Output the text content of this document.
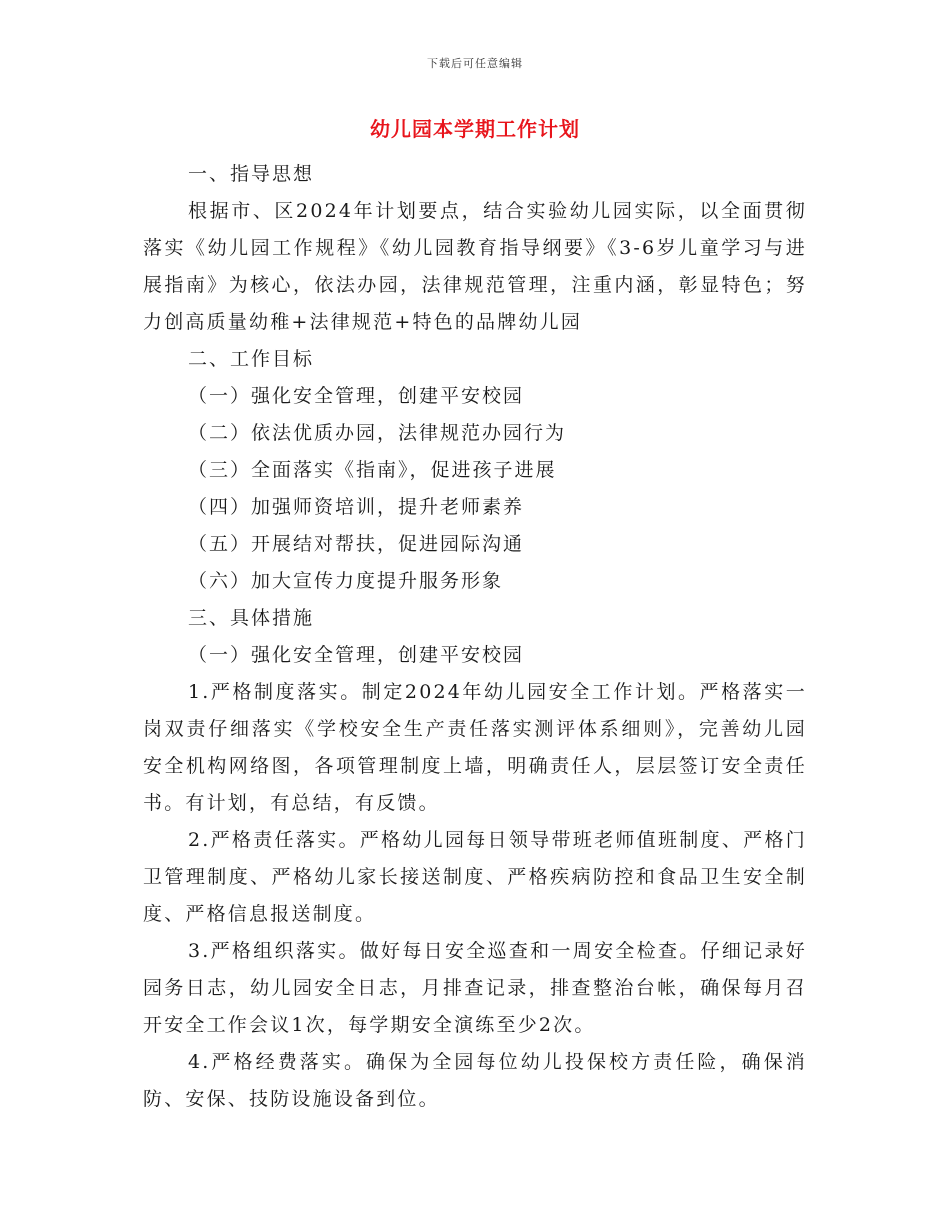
下载后可任意编辑
幼儿园本学期工作计划
一、指导思想

根据市、区2024年计划要点，结合实验幼儿园实际，以全面贯彻落实《幼儿园工作规程》《幼儿园教育指导纲要》《3-6岁儿童学习与进展指南》为核心，依法办园，法律规范管理，注重内涵，彰显特色；努力创高质量幼稚+法律规范+特色的品牌幼儿园

二、工作目标
（一）强化安全管理，创建平安校园
（二）依法优质办园，法律规范办园行为
（三）全面落实《指南》，促进孩子进展
（四）加强师资培训，提升老师素养
（五）开展结对帮扶，促进园际沟通
（六）加大宣传力度提升服务形象
三、具体措施
（一）强化安全管理，创建平安校园

1.严格制度落实。制定2024年幼儿园安全工作计划。严格落实一岗双责仔细落实《学校安全生产责任落实测评体系细则》，完善幼儿园安全机构网络图，各项管理制度上墙，明确责任人，层层签订安全责任书。有计划，有总结，有反馈。

2.严格责任落实。严格幼儿园每日领导带班老师值班制度、严格门卫管理制度、严格幼儿家长接送制度、严格疾病防控和食品卫生安全制度、严格信息报送制度。

3.严格组织落实。做好每日安全巡查和一周安全检查。仔细记录好园务日志，幼儿园安全日志，月排查记录，排查整治台帐，确保每月召开安全工作会议1次，每学期安全演练至少2次。

4.严格经费落实。确保为全园每位幼儿投保校方责任险，确保消防、安保、技防设施设备到位。
